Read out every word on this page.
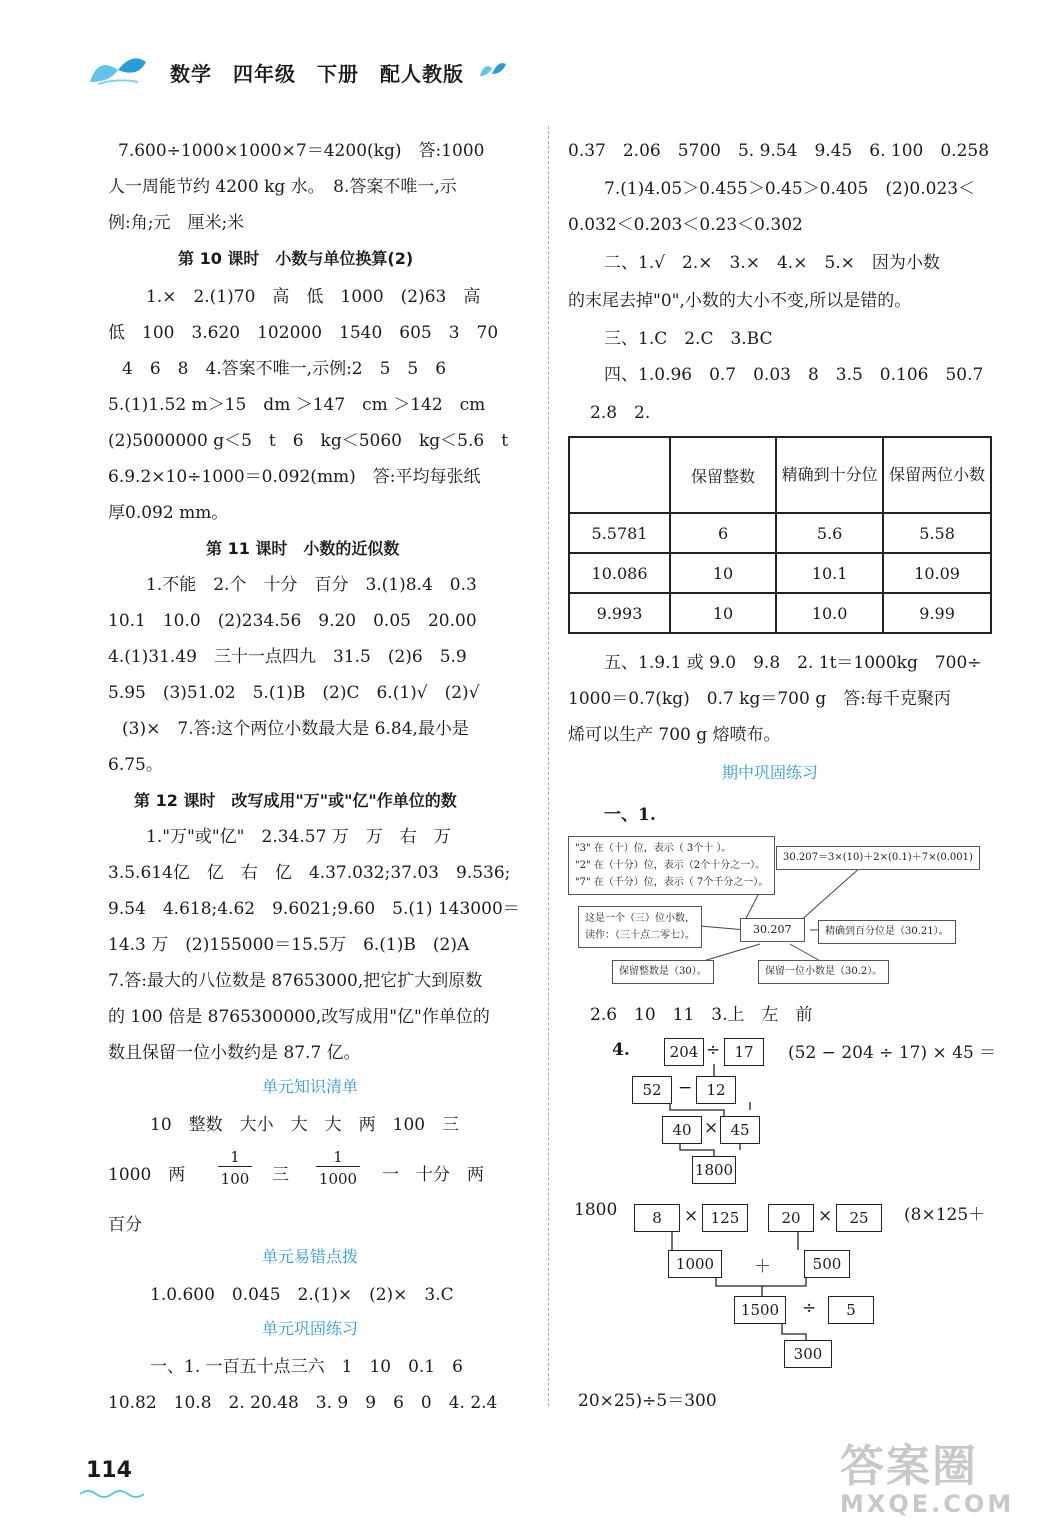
数学　四年级　下册　配人教版
7.600÷1000×1000×7＝4200(kg)　答:1000
人一周能节约 4200 kg 水。　8.答案不唯一,示
例:角;元　厘米;米
第 10 课时　小数与单位换算(2)
1.×　2.(1)70　高　低　1000　(2)63　高
低　100　3.620　102000　1540　605　3　70
4　6　8　4.答案不唯一,示例:2　5　5　6
5.(1)1.52 m＞15　dm ＞147　cm ＞142　cm
(2)5000000 g＜5　t　6　kg＜5060　kg＜5.6　t
6.9.2×10÷1000＝0.092(mm)　答:平均每张纸
厚0.092 mm。
第 11 课时　小数的近似数
1.不能　2.个　十分　百分　3.(1)8.4　0.3
10.1　10.0　(2)234.56　9.20　0.05　20.00
4.(1)31.49　三十一点四九　31.5　(2)6　5.9
5.95　(3)51.02　5.(1)B　(2)C　6.(1)√　(2)√
(3)×　7.答:这个两位小数最大是 6.84,最小是
6.75。
第 12 课时　改写成用"万"或"亿"作单位的数
1."万"或"亿"　2.34.57 万　万　右　万
3.5.614亿　亿　右　亿　4.37.032;37.03　9.536;
9.54　4.618;4.62　9.6021;9.60　5.(1) 143000＝
14.3 万　(2)155000＝15.5万　6.(1)B　(2)A
7.答:最大的八位数是 87653000,把它扩大到原数
的 100 倍是 8765300000,改写成用"亿"作单位的
数且保留一位小数约是 87.7 亿。
单元知识清单
10　整数　大小　大　大　两　100　三
1000　两
1
100	三
1
1000	一　十分　两
百分
单元易错点拨
1.0.600　0.045　2.(1)×　(2)×　3.C
单元巩固练习
一、1. 一百五十点三六　1　10　0.1　6
10.82　10.8　2. 20.48　3. 9　9　6　0　4. 2.4
0.37　2.06　5700　5. 9.54　9.45　6. 100　0.258
7.(1)4.05＞0.455＞0.45＞0.405　(2)0.023＜
0.032＜0.203＜0.23＜0.302
二、1.√　2.×　3.×　4.×　5.×　因为小数
的末尾去掉"0",小数的大小不变,所以是错的。
三、1.C　2.C　3.BC
四、1.0.96　0.7　0.03　8　3.5　0.106　50.7
2.8　2.
	保留整数	精确到十分位	保留两位小数
5.5781	6	5.6	5.58
10.086	10	10.1	10.09
9.993	10	10.0	9.99
五、1.9.1 或 9.0　9.8　2. 1t＝1000kg　700÷
1000＝0.7(kg)　0.7 kg＝700 g　答:每千克聚丙
烯可以生产 700 g 熔喷布。
期中巩固练习
一、1.
"3" 在（十）位，表示（ 3个十 ）。
"2" 在（十分）位，表示（2个十分之一）。
"7" 在（千分）位，表示（ 7个千分之一）。
30.207＝3×(10)＋2×(0.1)＋7×(0.001)
这是一个（三）位小数，
读作：（三十点二零七）。	30.207	精确到百分位是（30.21）。
保留整数是（30）。	保留一位小数是（30.2）。
2.6　10　11　3.上　左　前
4.	(52 − 204 ÷ 17) × 45 ＝
204 ÷ 17
52 − 12
40 × 45
1800
1800	(8×125＋
8	× 125	20	×	25
1000	＋	500
1500	÷	5
300
20×25)÷5＝300
114	答案圈
MXQE.COM
